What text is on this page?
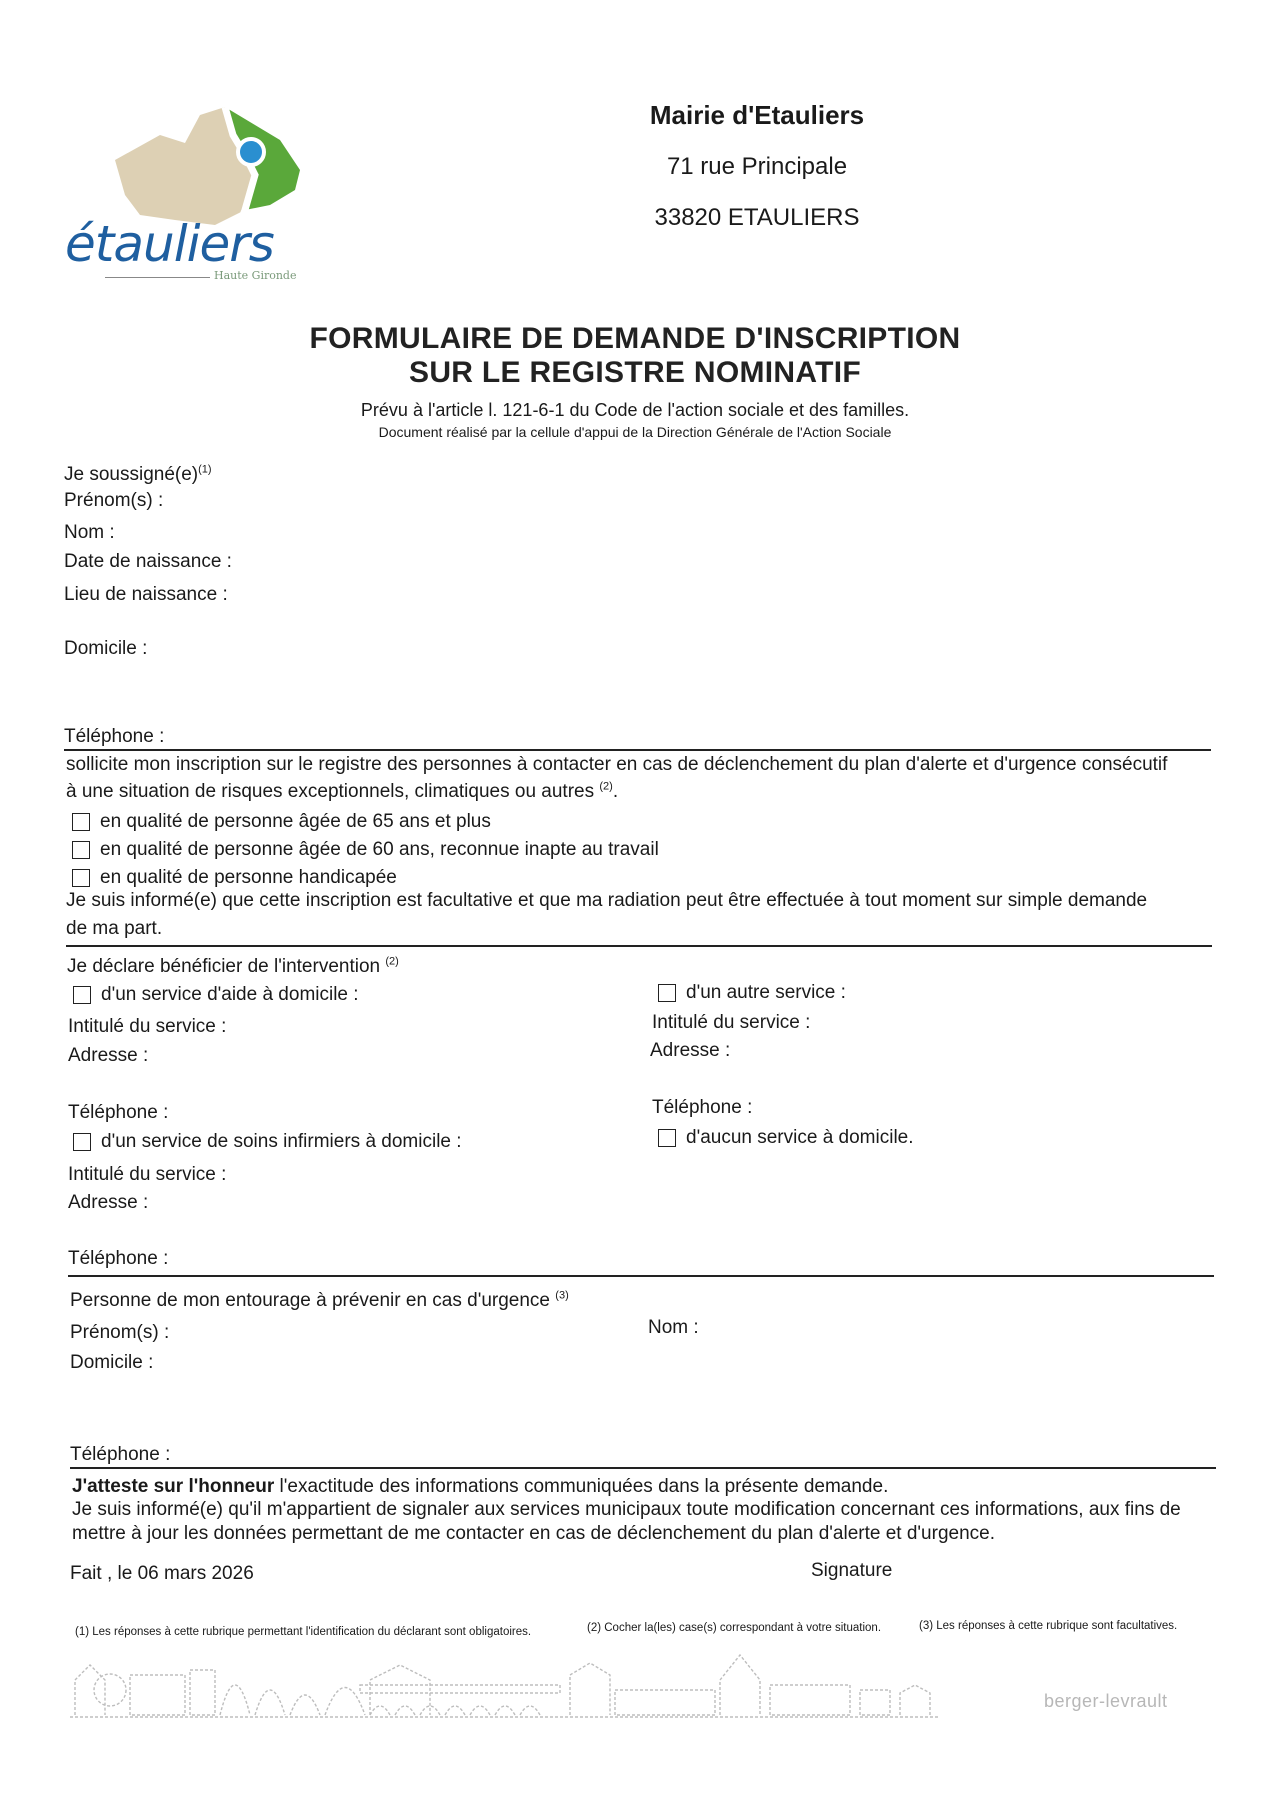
étauliers
Haute Gironde
Mairie d'Etauliers
71 rue Principale
33820 ETAULIERS
FORMULAIRE DE DEMANDE D'INSCRIPTION
SUR LE REGISTRE NOMINATIF
Prévu à l'article l. 121-6-1 du Code de l'action sociale et des familles.
Document réalisé par la cellule d'appui de la Direction Générale de l'Action Sociale
Je $soussigné(e)^{(1)}$
Prénom(s) :
Nom :
Date de naissance :
Lieu de naissance :
Domicile :
Téléphone :
sollicite mon inscription sur le registre des personnes à contacter en cas de déclenchement du plan d'alerte et d'urgence consécutif
à une situation de risques exceptionnels, climatiques ou autres $^{(2)}$.
en qualité de personne âgée de 65 ans et plus
en qualité de personne âgée de 60 ans, reconnue inapte au travail
en qualité de personne handicapée
Je suis informé(e) que cette inscription est facultative et que ma radiation peut être effectuée à tout moment sur simple demande
de ma part.
Je déclare bénéficier de l'intervention $^{(2)}$
d'un service d'aide à domicile :
Intitulé du service :
Adresse :
Téléphone :
d'un service de soins infirmiers à domicile :
Intitulé du service :
Adresse :
Téléphone :
d'un autre service :
Intitulé du service :
Adresse :
Téléphone :
d'aucun service à domicile.
Personne de mon entourage à prévenir en cas d'urgence $^{(3)}$
Prénom(s) :	Nom :
Domicile :
Téléphone :
J'atteste sur l'honneur l'exactitude des informations communiquées dans la présente demande.
Je suis informé(e) qu'il m'appartient de signaler aux services municipaux toute modification concernant ces informations, aux fins de
mettre à jour les données permettant de me contacter en cas de déclenchement du plan d'alerte et d'urgence.
Fait , le 06 mars 2026	Signature
(1) Les réponses à cette rubrique permettant l'identification du déclarant sont obligatoires.	(2) Cocher la(les) case(s) correspondant à votre situation.	(3) Les réponses à cette rubrique sont facultatives.
berger-levrault
